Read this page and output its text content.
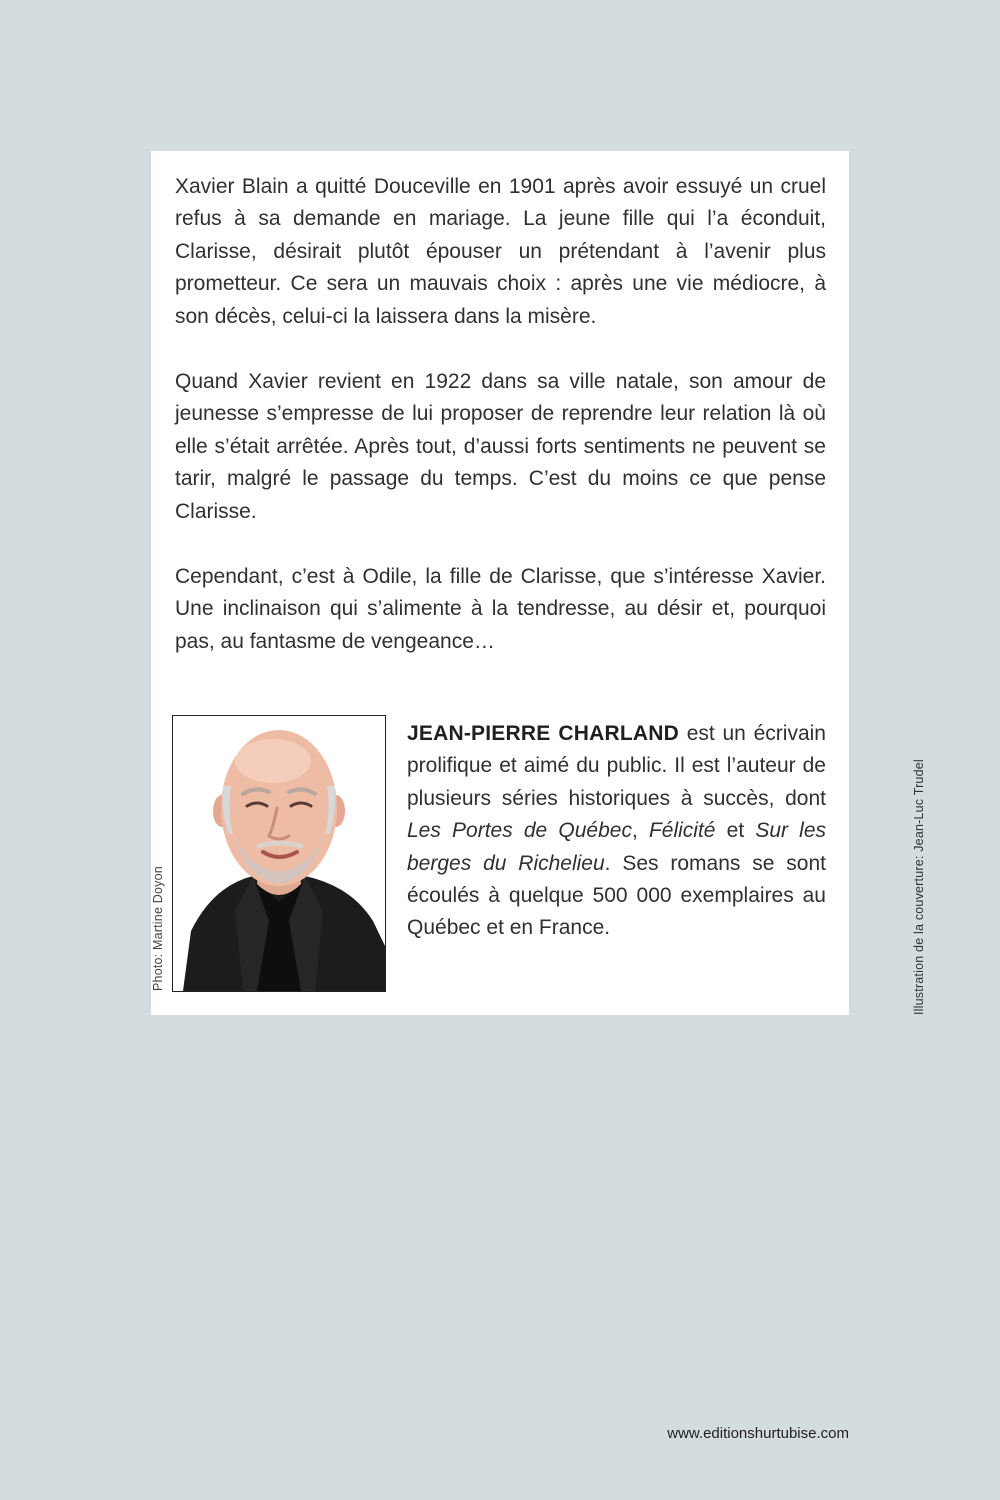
Xavier Blain a quitté Douceville en 1901 après avoir essuyé un cruel refus à sa demande en mariage. La jeune fille qui l’a éconduit, Clarisse, désirait plutôt épouser un prétendant à l’avenir plus prometteur. Ce sera un mauvais choix : après une vie médiocre, à son décès, celui-ci la laissera dans la misère.

Quand Xavier revient en 1922 dans sa ville natale, son amour de jeunesse s’empresse de lui proposer de reprendre leur relation là où elle s’était arrêtée. Après tout, d’aussi forts sentiments ne peuvent se tarir, malgré le passage du temps. C’est du moins ce que pense Clarisse.

Cependant, c’est à Odile, la fille de Clarisse, que s’intéresse Xavier. Une inclinaison qui s’alimente à la tendresse, au désir et, pourquoi pas, au fantasme de vengeance…

Photo: Martine Doyon

JEAN-PIERRE CHARLAND est un écrivain prolifique et aimé du public. Il est l’auteur de plusieurs séries historiques à succès, dont Les Portes de Québec, Félicité et Sur les berges du Richelieu. Ses romans se sont écoulés à quelque 500 000 exemplaires au Québec et en France.	Illustration de la couverture: Jean-Luc Trudel
www.editionshurtubise.com
